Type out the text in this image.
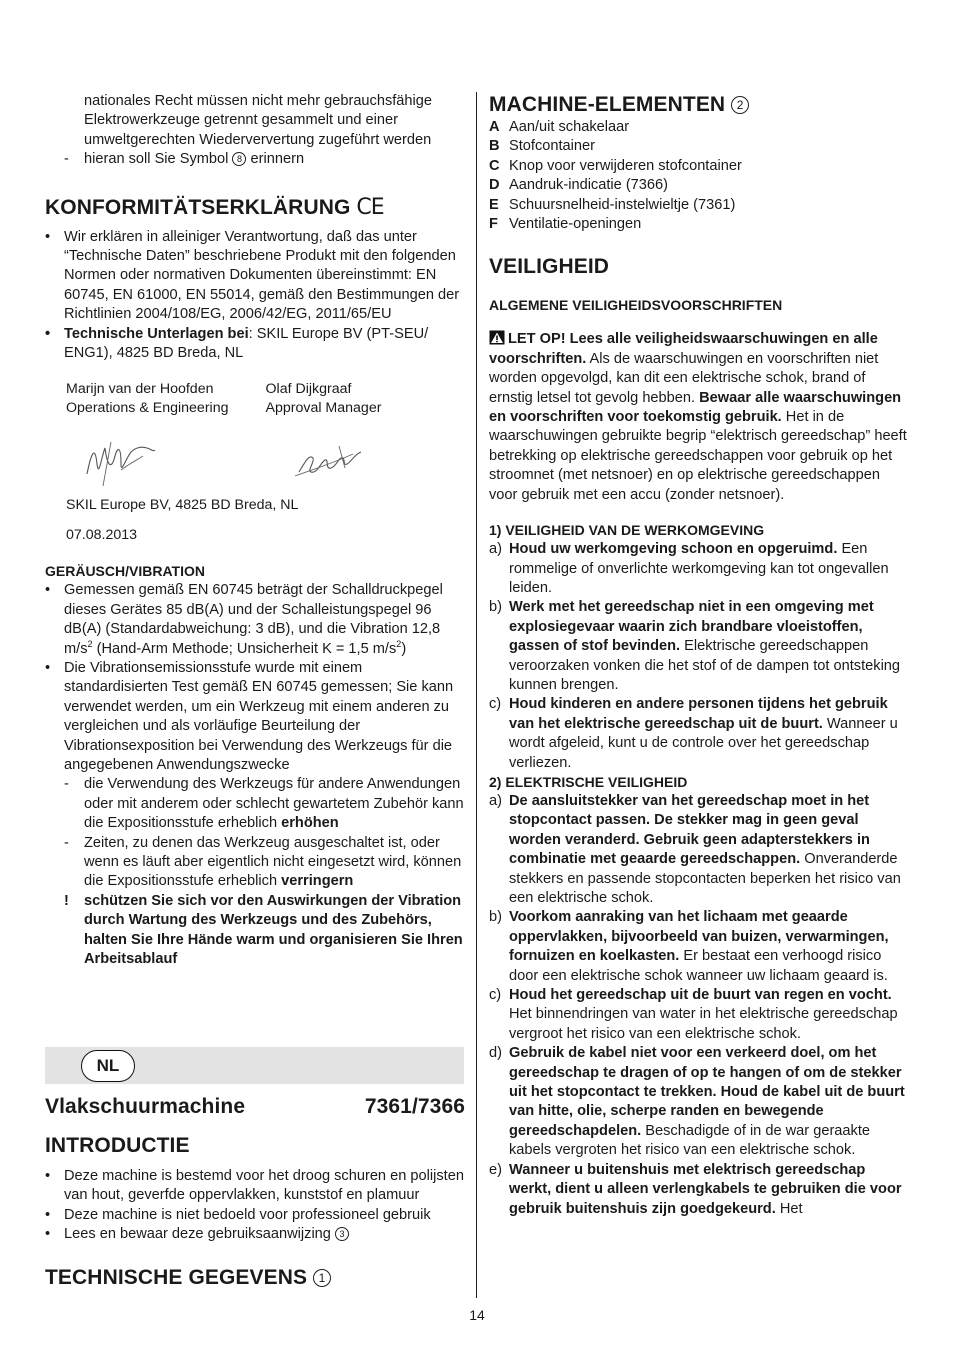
nationales Recht müssen nicht mehr gebrauchsfähige Elektrowerkzeuge getrennt gesammelt und einer umweltgerechten Wiederververtung zugeführt werden
- hieran soll Sie Symbol 8 erinnern
KONFORMITÄTSERKLÄRUNG CE
• Wir erklären in alleiniger Verantwortung, daß das unter “Technische Daten” beschriebene Produkt mit den folgenden Normen oder normativen Dokumenten übereinstimmt: EN 60745, EN 61000, EN 55014, gemäß den Bestimmungen der Richtlinien 2004/108/EG, 2006/42/EG, 2011/65/EU
• Technische Unterlagen bei: SKIL Europe BV (PT-SEU/ ENG1), 4825 BD Breda, NL
Marijn van der Hoofden
Operations & Engineering
Olaf Dijkgraaf
Approval Manager

SKIL Europe BV, 4825 BD Breda, NL

07.08.2013

GERÄUSCH/VIBRATION
• Gemessen gemäß EN 60745 beträgt der Schalldruckpegel dieses Gerätes 85 dB(A) und der Schalleistungspegel 96 dB(A) (Standardabweichung: 3 dB), und die Vibration 12,8 $m/s^2$ (Hand-Arm Methode; Unsicherheit K = 1,5 $m/s^2$)
• Die Vibrationsemissionsstufe wurde mit einem standardisierten Test gemäß EN 60745 gemessen; Sie kann verwendet werden, um ein Werkzeug mit einem anderen zu vergleichen und als vorläufige Beurteilung der Vibrationsexposition bei Verwendung des Werkzeugs für die angegebenen Anwendungszwecke
- die Verwendung des Werkzeugs für andere Anwendungen oder mit anderem oder schlecht gewartetem Zubehör kann die Expositionsstufe erheblich erhöhen
- Zeiten, zu denen das Werkzeug ausgeschaltet ist, oder wenn es läuft aber eigentlich nicht eingesetzt wird, können die Expositionsstufe erheblich verringern
! schützen Sie sich vor den Auswirkungen der Vibration durch Wartung des Werkzeugs und des Zubehörs, halten Sie Ihre Hände warm und organisieren Sie Ihren Arbeitsablauf
NL
Vlakschuurmachine	7361/7366
INTRODUCTIE
• Deze machine is bestemd voor het droog schuren en polijsten van hout, geverfde oppervlakken, kunststof en plamuur
• Deze machine is niet bedoeld voor professioneel gebruik
• Lees en bewaar deze gebruiksaanwijzing 3
TECHNISCHE GEGEVENS 1
MACHINE-ELEMENTEN 2
A Aan/uit schakelaar
B Stofcontainer
C Knop voor verwijderen stofcontainer
D Aandruk-indicatie (7366)
E Schuursnelheid-instelwieltje (7361)
F Ventilatie-openingen
VEILIGHEID
ALGEMENE VEILIGHEIDSVOORSCHRIFTEN

LET OP! Lees alle veiligheidswaarschuwingen en alle voorschriften. Als de waarschuwingen en voorschriften niet worden opgevolgd, kan dit een elektrische schok, brand of ernstig letsel tot gevolg hebben. Bewaar alle waarschuwingen en voorschriften voor toekomstig gebruik. Het in de waarschuwingen gebruikte begrip “elektrisch gereedschap” heeft betrekking op elektrische gereedschappen voor gebruik op het stroomnet (met netsnoer) en op elektrische gereedschappen voor gebruik met een accu (zonder netsnoer).

1) VEILIGHEID VAN DE WERKOMGEVING
a) Houd uw werkomgeving schoon en opgeruimd. Een rommelige of onverlichte werkomgeving kan tot ongevallen leiden.
b) Werk met het gereedschap niet in een omgeving met explosiegevaar waarin zich brandbare vloeistoffen, gassen of stof bevinden. Elektrische gereedschappen veroorzaken vonken die het stof of de dampen tot ontsteking kunnen brengen.
c) Houd kinderen en andere personen tijdens het gebruik van het elektrische gereedschap uit de buurt. Wanneer u wordt afgeleid, kunt u de controle over het gereedschap verliezen.
2) ELEKTRISCHE VEILIGHEID
a) De aansluitstekker van het gereedschap moet in het stopcontact passen. De stekker mag in geen geval worden veranderd. Gebruik geen adapterstekkers in combinatie met geaarde gereedschappen. Onveranderde stekkers en passende stopcontacten beperken het risico van een elektrische schok.
b) Voorkom aanraking van het lichaam met geaarde oppervlakken, bijvoorbeeld van buizen, verwarmingen, fornuizen en koelkasten. Er bestaat een verhoogd risico door een elektrische schok wanneer uw lichaam geaard is.
c) Houd het gereedschap uit de buurt van regen en vocht. Het binnendringen van water in het elektrische gereedschap vergroot het risico van een elektrische schok.
d) Gebruik de kabel niet voor een verkeerd doel, om het gereedschap te dragen of op te hangen of om de stekker uit het stopcontact te trekken. Houd de kabel uit de buurt van hitte, olie, scherpe randen en bewegende gereedschapdelen. Beschadigde of in de war geraakte kabels vergroten het risico van een elektrische schok.
e) Wanneer u buitenshuis met elektrisch gereedschap werkt, dient u alleen verlengkabels te gebruiken die voor gebruik buitenshuis zijn goedgekeurd. Het
14
